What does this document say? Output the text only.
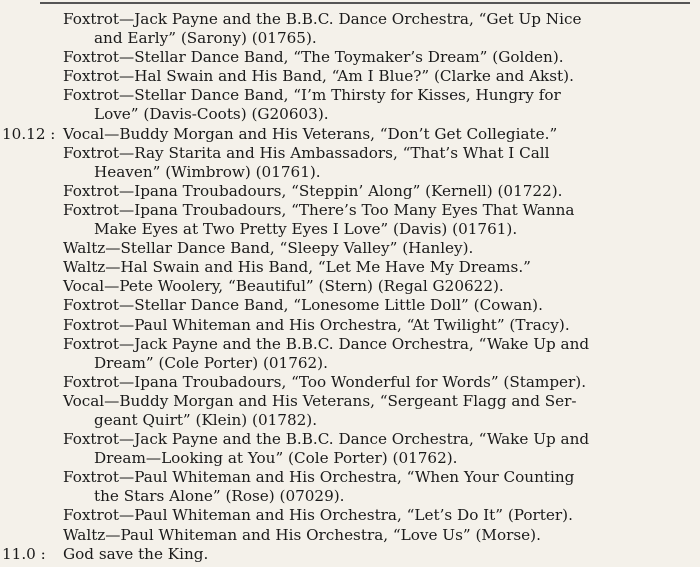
Foxtrot—Jack Payne and the B.B.C. Dance Orchestra, “Get Up Nice
and Early” (Sarony) (01765).
Foxtrot—Stellar Dance Band, “The Toymaker’s Dream” (Golden).
Foxtrot—Hal Swain and His Band, “Am I Blue?” (Clarke and Akst).
Foxtrot—Stellar Dance Band, “I’m Thirsty for Kisses, Hungry for
Love” (Davis-Coots) (G20603).
10.12 : Vocal—Buddy Morgan and His Veterans, “Don’t Get Collegiate.”
Foxtrot—Ray Starita and His Ambassadors, “That’s What I Call
Heaven” (Wimbrow) (01761).
Foxtrot—Ipana Troubadours, “Steppin’ Along” (Kernell) (01722).
Foxtrot—Ipana Troubadours, “There’s Too Many Eyes That Wanna
Make Eyes at Two Pretty Eyes I Love” (Davis) (01761).
Waltz—Stellar Dance Band, “Sleepy Valley” (Hanley).
Waltz—Hal Swain and His Band, “Let Me Have My Dreams.”
Vocal—Pete Woolery, “Beautiful” (Stern) (Regal G20622).
Foxtrot—Stellar Dance Band, “Lonesome Little Doll” (Cowan).
Foxtrot—Paul Whiteman and His Orchestra, “At Twilight” (Tracy).
Foxtrot—Jack Payne and the B.B.C. Dance Orchestra, “Wake Up and
Dream” (Cole Porter) (01762).
Foxtrot—Ipana Troubadours, “Too Wonderful for Words” (Stamper).
Vocal—Buddy Morgan and His Veterans, “Sergeant Flagg and Ser-
geant Quirt” (Klein) (01782).
Foxtrot—Jack Payne and the B.B.C. Dance Orchestra, “Wake Up and
Dream—Looking at You” (Cole Porter) (01762).
Foxtrot—Paul Whiteman and His Orchestra, “When Your Counting
the Stars Alone” (Rose) (07029).
Foxtrot—Paul Whiteman and His Orchestra, “Let’s Do It” (Porter).
Waltz—Paul Whiteman and His Orchestra, “Love Us” (Morse).
11.0 :	God save the King.
